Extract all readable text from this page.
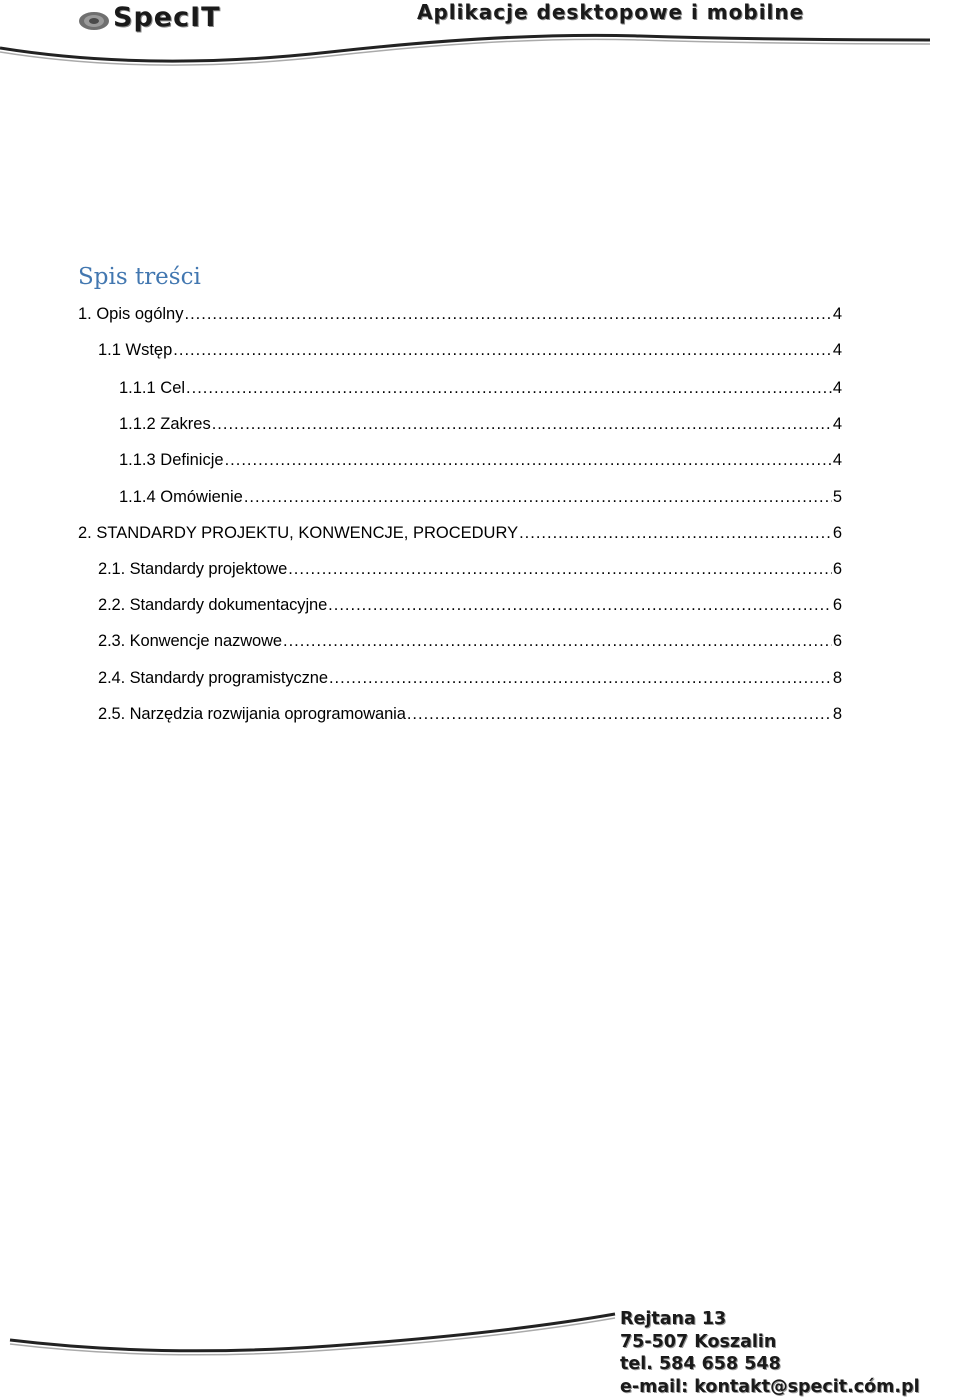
SpecIT	Aplikacje desktopowe i mobilne
Spis treści
1. Opis ogólny .....	4
1.1 Wstęp .....	4
1.1.1 Cel .....	4
1.1.2 Zakres .....	4
1.1.3 Definicje .....	4
1.1.4 Omówienie .....	5
2. STANDARDY PROJEKTU, KONWENCJE, PROCEDURY .....	6
2.1. Standardy projektowe .....	6
2.2. Standardy dokumentacyjne .....	6
2.3. Konwencje nazwowe .....	6
2.4. Standardy programistyczne .....	8
2.5. Narzędzia rozwijania oprogramowania .....	8
Rejtana 13
75-507 Koszalin
tel. 584 658 548
e-mail: kontakt@specit.cóm.pl
